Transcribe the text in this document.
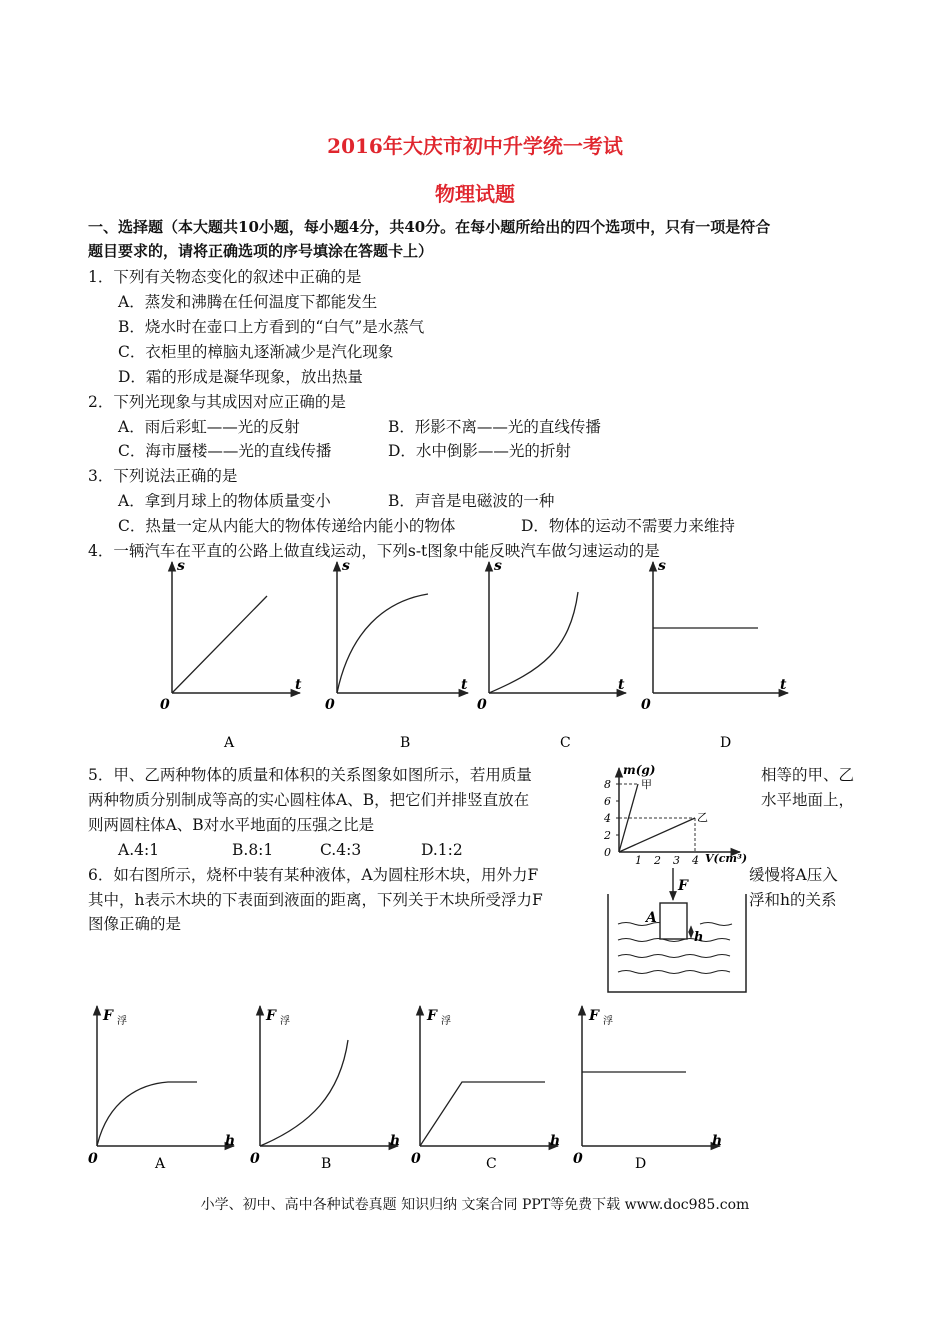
2016年大庆市初中升学统一考试
物理试题
一、选择题（本大题共10小题，每小题4分，共40分。在每小题所给出的四个选项中，只有一项是符合
题目要求的，请将正确选项的序号填涂在答题卡上）
1．下列有关物态变化的叙述中正确的是
A．蒸发和沸腾在任何温度下都能发生
B．烧水时在壶口上方看到的“白气”是水蒸气
C．衣柜里的樟脑丸逐渐减少是汽化现象
D．霜的形成是凝华现象，放出热量
2．下列光现象与其成因对应正确的是
A．雨后彩虹——光的反射	B．形影不离——光的直线传播
C．海市蜃楼——光的直线传播	D．水中倒影——光的折射
3．下列说法正确的是
A．拿到月球上的物体质量变小	B．声音是电磁波的一种
C．热量一定从内能大的物体传递给内能小的物体	D．物体的运动不需要力来维持
4．一辆汽车在平直的公路上做直线运动，下列s-t图象中能反映汽车做匀速运动的是
s
t
0
A
s
t
0
B
s
t
0
C
s
t
0
D
5．甲、乙两种物体的质量和体积的关系图象如图所示，若用质量	相等的甲、乙
两种物质分别制成等高的实心圆柱体A、B，把它们并排竖直放在	水平地面上，
则两圆柱体A、B对水平地面的压强之比是
A.4:1	B.8:1	C.4:3	D.1:2
m(g)
V(cm³)
8
6
4
2
0
1 2 3 4
甲
乙
6．如右图所示，烧杯中装有某种液体，A为圆柱形木块，用外力F	缓慢将A压入
其中，h表示木块的下表面到液面的距离，下列关于木块所受浮力F	浮和h的关系
图像正确的是
F
A
h
F 浮
h
0	A
F 浮
h
0	B
F 浮
h
0	C
F 浮
h
0	D
小学、初中、高中各种试卷真题 知识归纳 文案合同 PPT等免费下载 www.doc985.com
